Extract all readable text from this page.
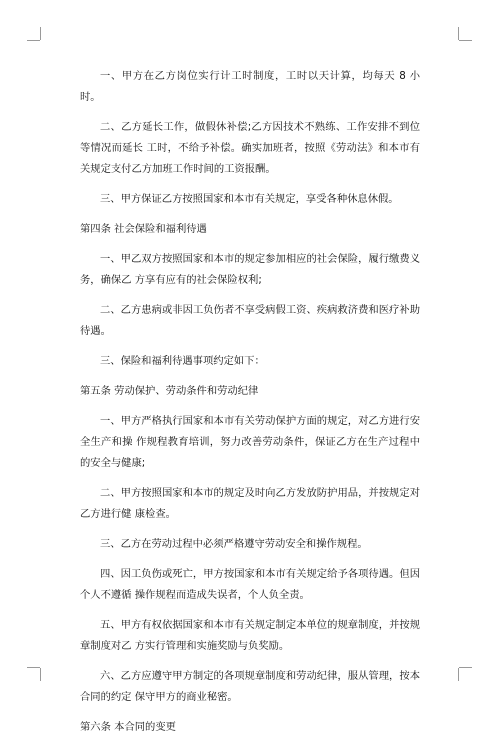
一、甲方在乙方岗位实行计工时制度，工时以天计算，均每天 8 小时。

二、乙方延长工作，做假休补偿;乙方因技术不熟练、工作安排不到位等情况而延长 工时，不给予补偿。确实加班者，按照《劳动法》和本市有关规定支付乙方加班工作时间的工资报酬。

三、甲方保证乙方按照国家和本市有关规定，享受各种休息休假。

第四条 社会保险和福利待遇

一、甲乙双方按照国家和本市的规定参加相应的社会保险，履行缴费义务，确保乙 方享有应有的社会保险权利;

二、乙方患病或非因工负伤者不享受病假工资、疾病救济费和医疗补助待遇。

三、保险和福利待遇事项约定如下：

第五条 劳动保护、劳动条件和劳动纪律

一、甲方严格执行国家和本市有关劳动保护方面的规定，对乙方进行安全生产和操 作规程教育培训，努力改善劳动条件，保证乙方在生产过程中的安全与健康;

二、甲方按照国家和本市的规定及时向乙方发放防护用品，并按规定对乙方进行健 康检查。

三、乙方在劳动过程中必须严格遵守劳动安全和操作规程。

四、因工负伤或死亡，甲方按国家和本市有关规定给予各项待遇。但因个人不遵循 操作规程而造成失误者，个人负全责。

五、甲方有权依据国家和本市有关规定制定本单位的规章制度，并按规章制度对乙 方实行管理和实施奖励与负奖励。

六、乙方应遵守甲方制定的各项规章制度和劳动纪律，服从管理，按本合同的约定 保守甲方的商业秘密。

第六条 本合同的变更
